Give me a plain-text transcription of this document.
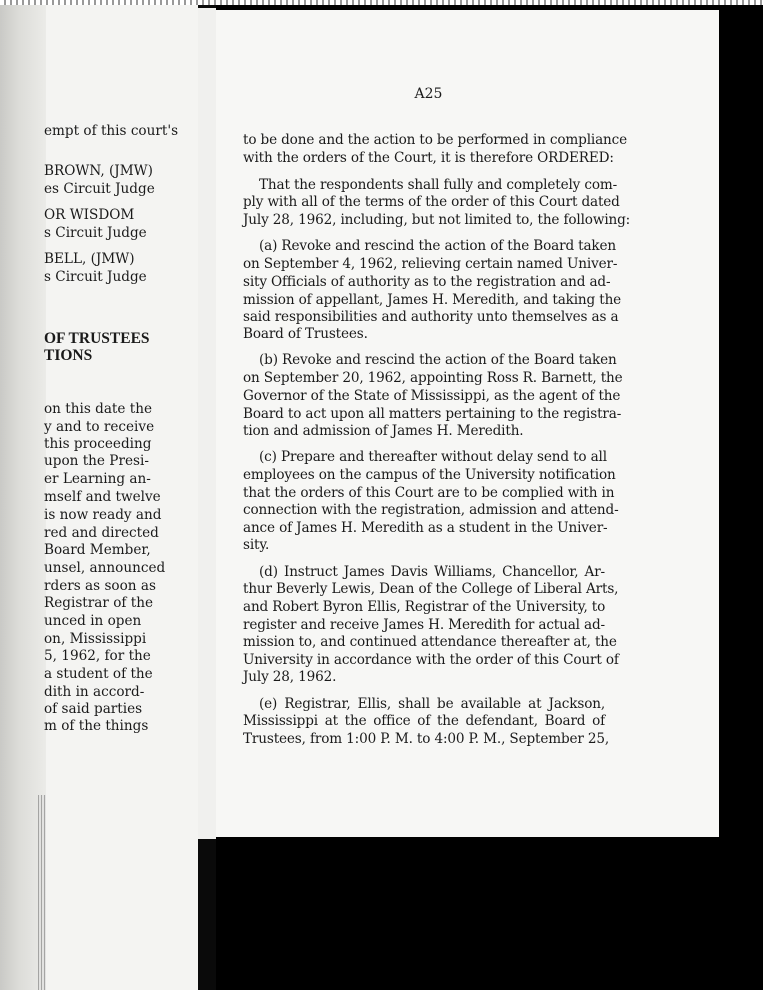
empt of this court's
BROWN, (JMW)
es Circuit Judge
OR WISDOM
s Circuit Judge
BELL, (JMW)
s Circuit Judge
OF TRUSTEES
TIONS
on this date the
y and to receive
this proceeding
upon the Presi-
er Learning an-
mself and twelve
is now ready and
red and directed
Board Member,
unsel, announced
rders as soon as
Registrar of the
unced in open
on, Mississippi
5, 1962, for the
a student of the
dith in accord-
of said parties
m of the things
A25
to be done and the action to be performed in compliance
with the orders of the Court, it is therefore ORDERED:
That the respondents shall fully and completely com-
ply with all of the terms of the order of this Court dated
July 28, 1962, including, but not limited to, the following:
(a) Revoke and rescind the action of the Board taken
on September 4, 1962, relieving certain named Univer-
sity Officials of authority as to the registration and ad-
mission of appellant, James H. Meredith, and taking the
said responsibilities and authority unto themselves as a
Board of Trustees.
(b) Revoke and rescind the action of the Board taken
on September 20, 1962, appointing Ross R. Barnett, the
Governor of the State of Mississippi, as the agent of the
Board to act upon all matters pertaining to the registra-
tion and admission of James H. Meredith.
(c) Prepare and thereafter without delay send to all
employees on the campus of the University notification
that the orders of this Court are to be complied with in
connection with the registration, admission and attend-
ance of James H. Meredith as a student in the Univer-
sity.
(d) Instruct James Davis Williams, Chancellor, Ar-
thur Beverly Lewis, Dean of the College of Liberal Arts,
and Robert Byron Ellis, Registrar of the University, to
register and receive James H. Meredith for actual ad-
mission to, and continued attendance thereafter at, the
University in accordance with the order of this Court of
July 28, 1962.
(e) Registrar, Ellis, shall be available at Jackson,
Mississippi at the office of the defendant, Board of
Trustees, from 1:00 P. M. to 4:00 P. M., September 25,
